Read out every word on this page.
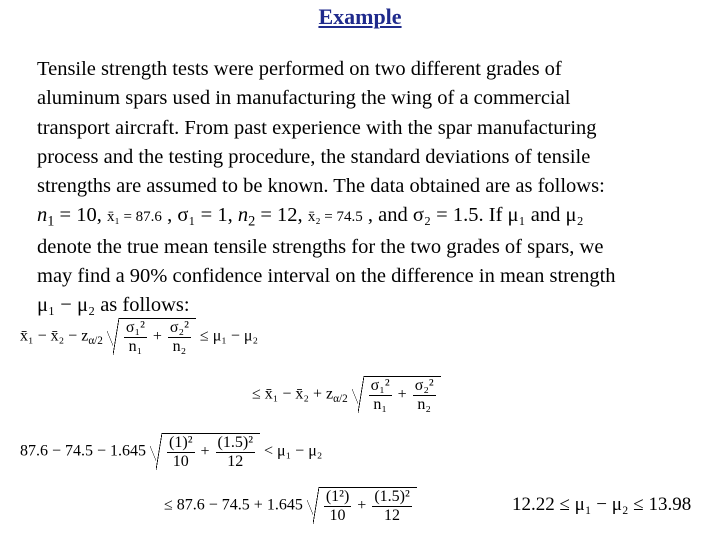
Example

Tensile strength tests were performed on two different grades of

aluminum spars used in manufacturing the wing of a commercial

transport aircraft. From past experience with the spar manufacturing

process and the testing procedure, the standard deviations of tensile

strengths are assumed to be known. The data obtained are as follows:

$n_1 = 10$, x̄₁ = 87.6 , σ₁ = 1, $n_2 = 12$, x̄₂ = 74.5 , and σ₂ = 1.5. If μ₁ and μ₂

denote the true mean tensile strengths for the two grades of spars, we

may find a 90% confidence interval on the difference in mean strength

μ₁ − μ₂ as follows:

x̄₁ − x̄₂ − $z_{\alpha/2} \frac{\text{σ₁²}}{\text{n₁}} + \frac{\text{σ₂²}}{\text{n₂}} \le \mu_1 - \mu_2$
≤ x̄₁ − x̄₂ + $z_{\alpha/2} \frac{\text{σ₁²}}{\text{n₁}} + \frac{\text{σ₂²}}{\text{n₂}}$
$87.6 - 74.5 - 1.645 \frac{\text{(1)²}}{10} + \frac{\text{(1.5)²}}{12} < \mu_1 - \mu_2$
≤ $87.6 - 74.5 + 1.645 \frac{\text{(1²)}}{10} + \frac{\text{(1.5)²}}{12}$	12.22 ≤ μ₁ − μ₂ ≤ 13.98
